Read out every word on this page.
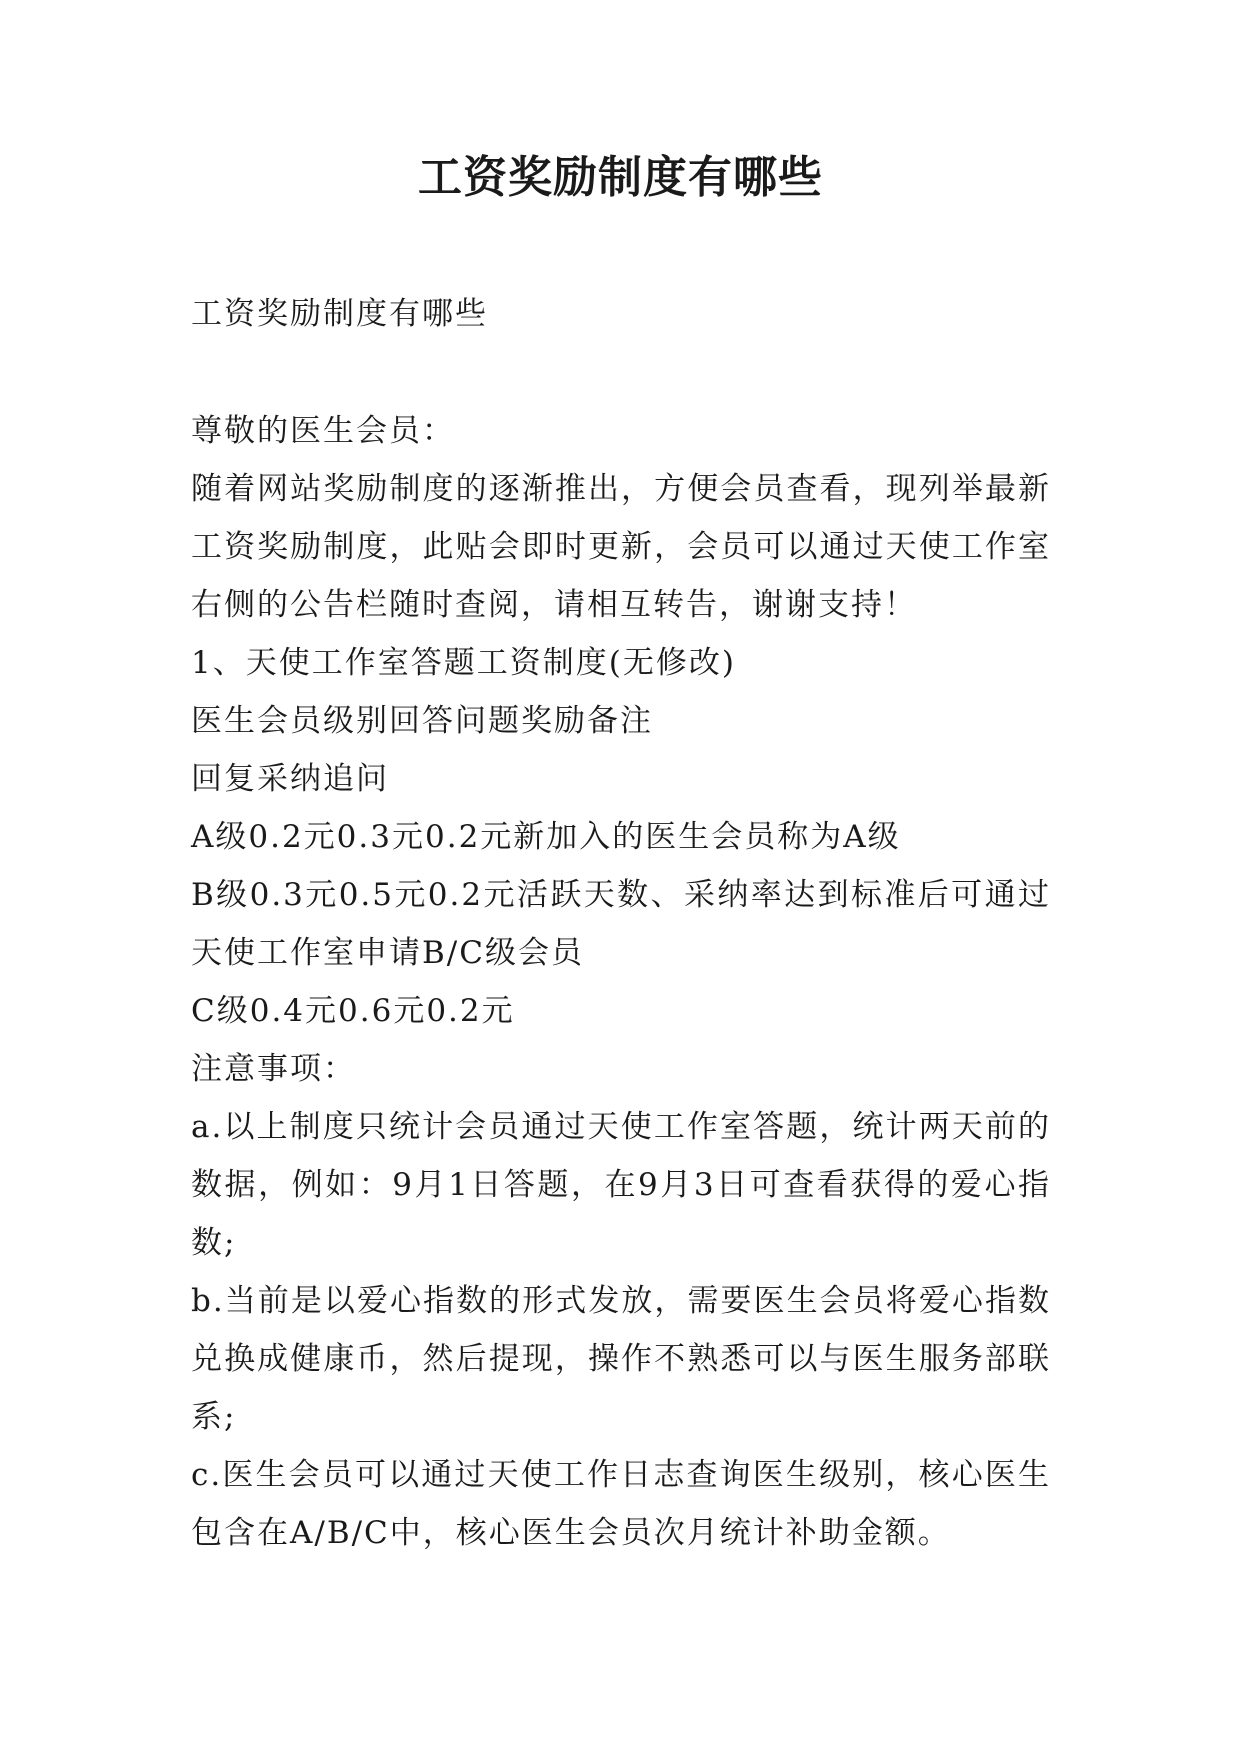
工资奖励制度有哪些

工资奖励制度有哪些

尊敬的医生会员：

随着网站奖励制度的逐渐推出，方便会员查看，现列举最新工资奖励制度，此贴会即时更新，会员可以通过天使工作室右侧的公告栏随时查阅，请相互转告，谢谢支持！

1、天使工作室答题工资制度(无修改)

医生会员级别回答问题奖励备注

回复采纳追问

A级0.2元0.3元0.2元新加入的医生会员称为A级

B级0.3元0.5元0.2元活跃天数、采纳率达到标准后可通过天使工作室申请B/C级会员

C级0.4元0.6元0.2元

注意事项：

a.以上制度只统计会员通过天使工作室答题，统计两天前的数据，例如：9月1日答题，在9月3日可查看获得的爱心指数;

b.当前是以爱心指数的形式发放，需要医生会员将爱心指数兑换成健康币，然后提现，操作不熟悉可以与医生服务部联系;

c.医生会员可以通过天使工作日志查询医生级别，核心医生包含在A/B/C中，核心医生会员次月统计补助金额。
